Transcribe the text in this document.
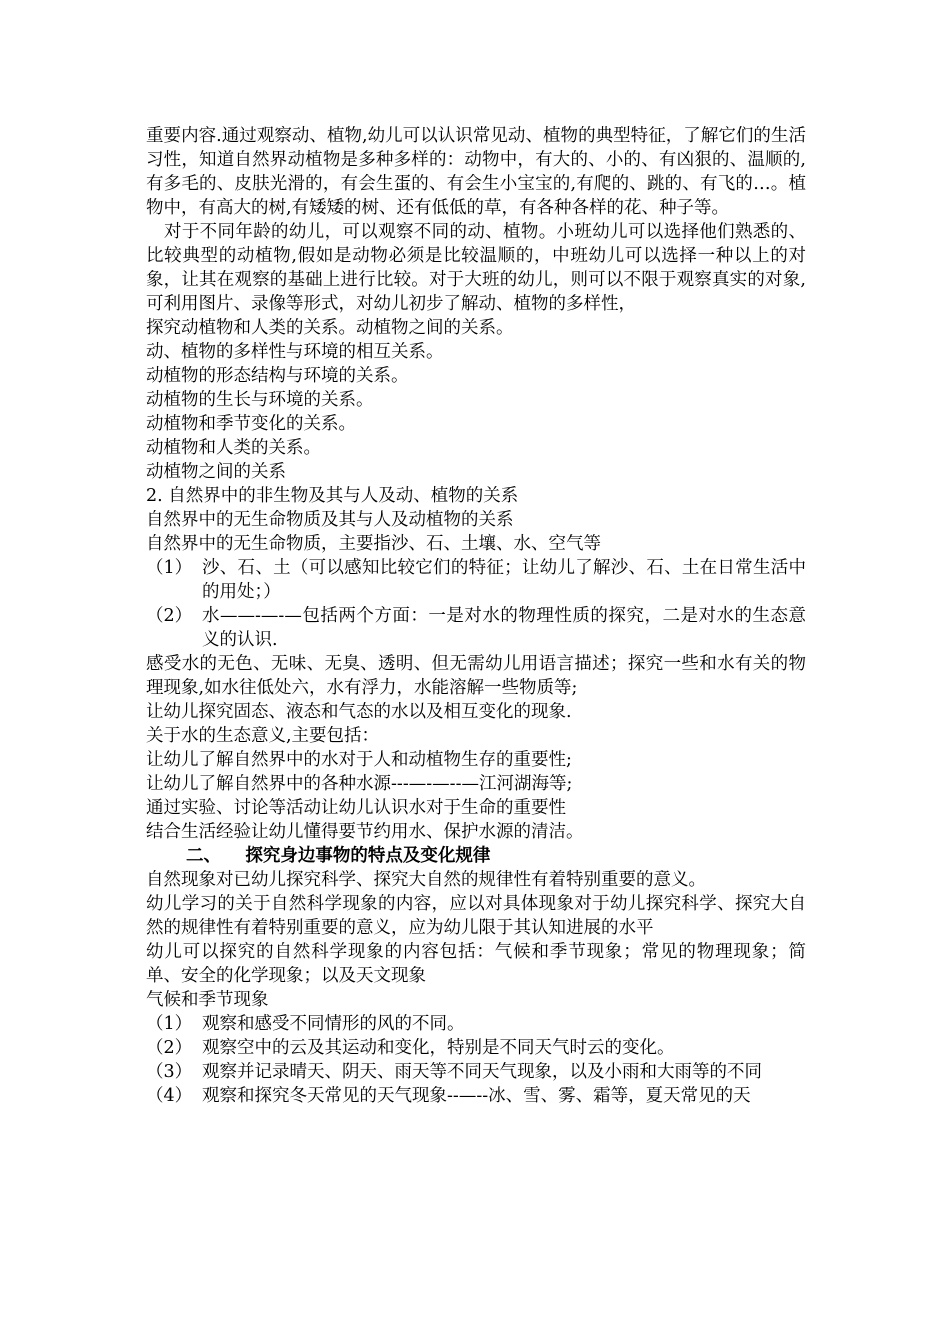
重要内容.通过观察动、植物,幼儿可以认识常见动、植物的典型特征，了解它们的生活习性，知道自然界动植物是多种多样的：动物中，有大的、小的、有凶狠的、温顺的,有多毛的、皮肤光滑的，有会生蛋的、有会生小宝宝的,有爬的、跳的、有飞的…。植物中，有高大的树,有矮矮的树、还有低低的草，有各种各样的花、种子等。

对于不同年龄的幼儿，可以观察不同的动、植物。小班幼儿可以选择他们熟悉的、比较典型的动植物,假如是动物必须是比较温顺的，中班幼儿可以选择一种以上的对象，让其在观察的基础上进行比较。对于大班的幼儿，则可以不限于观察真实的对象,可利用图片、录像等形式，对幼儿初步了解动、植物的多样性，

探究动植物和人类的关系。动植物之间的关系。

动、植物的多样性与环境的相互关系。

动植物的形态结构与环境的关系。

动植物的生长与环境的关系。

动植物和季节变化的关系。

动植物和人类的关系。

动植物之间的关系

2. 自然界中的非生物及其与人及动、植物的关系

自然界中的无生命物质及其与人及动植物的关系

自然界中的无生命物质，主要指沙、石、土壤、水、空气等

（1） 沙、石、土（可以感知比较它们的特征；让幼儿了解沙、石、土在日常生活中的用处；）
（2） 水——-—-—包括两个方面：一是对水的物理性质的探究，二是对水的生态意义的认识.

感受水的无色、无味、无臭、透明、但无需幼儿用语言描述；探究一些和水有关的物理现象,如水往低处六，水有浮力，水能溶解一些物质等;

让幼儿探究固态、液态和气态的水以及相互变化的现象.

关于水的生态意义,主要包括：

让幼儿了解自然界中的水对于人和动植物生存的重要性;

让幼儿了解自然界中的各种水源---—-—--—江河湖海等;

通过实验、讨论等活动让幼儿认识水对于生命的重要性

结合生活经验让幼儿懂得要节约用水、保护水源的清洁。

二、    探究身边事物的特点及变化规律

自然现象对已幼儿探究科学、探究大自然的规律性有着特别重要的意义。

幼儿学习的关于自然科学现象的内容，应以对具体现象对于幼儿探究科学、探究大自然的规律性有着特别重要的意义，应为幼儿限于其认知进展的水平

幼儿可以探究的自然科学现象的内容包括：气候和季节现象；常见的物理现象；简单、安全的化学现象；以及天文现象

气候和季节现象

（1） 观察和感受不同情形的风的不同。
（2） 观察空中的云及其运动和变化，特别是不同天气时云的变化。
（3） 观察并记录晴天、阴天、雨天等不同天气现象，以及小雨和大雨等的不同
（4） 观察和探究冬天常见的天气现象--—--冰、雪、雾、霜等，夏天常见的天
